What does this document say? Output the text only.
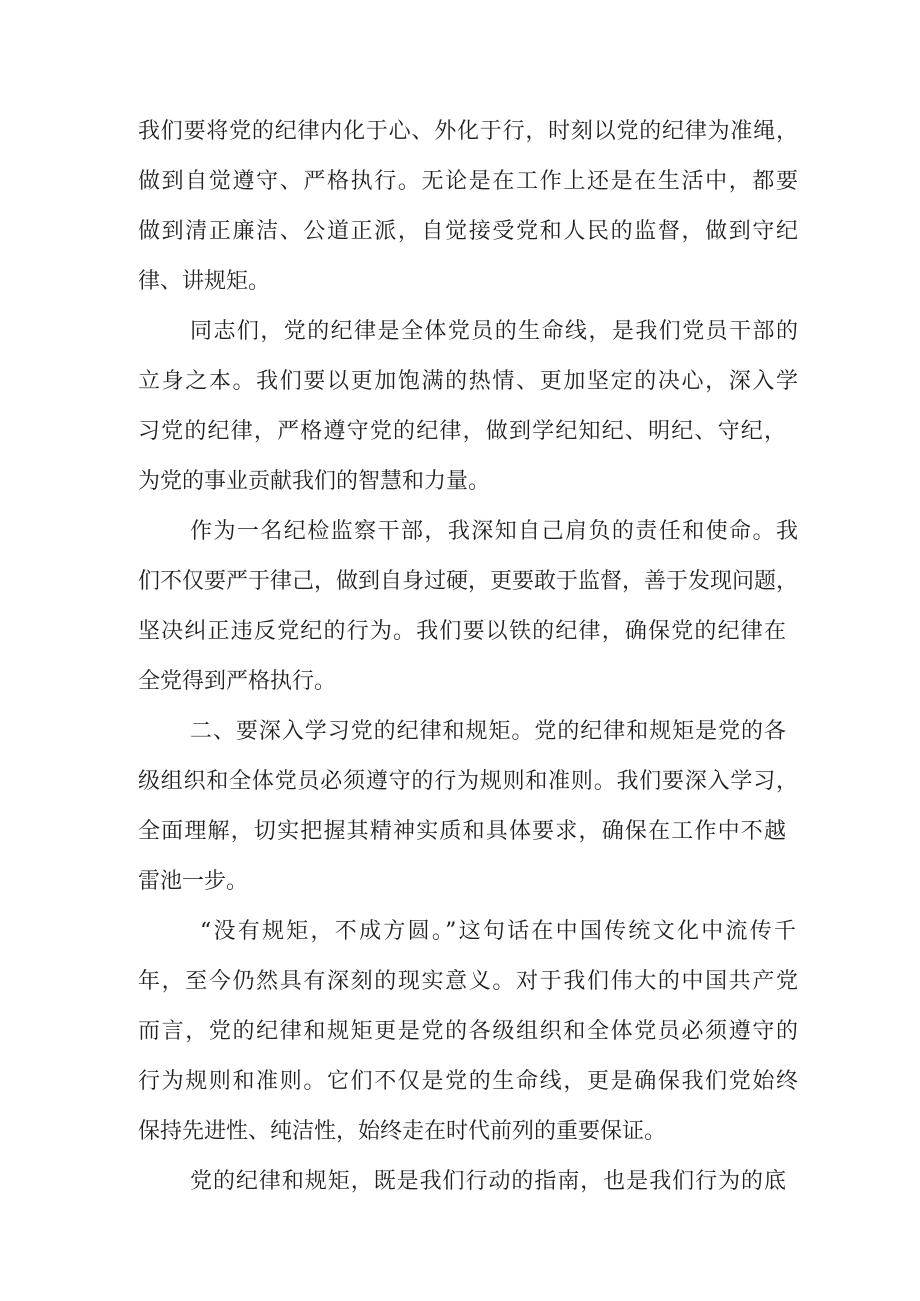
我们要将党的纪律内化于心、外化于行，时刻以党的纪律为准绳，

做到自觉遵守、严格执行。无论是在工作上还是在生活中，都要

做到清正廉洁、公道正派，自觉接受党和人民的监督，做到守纪

律、讲规矩。

同志们，党的纪律是全体党员的生命线，是我们党员干部的

立身之本。我们要以更加饱满的热情、更加坚定的决心，深入学

习党的纪律，严格遵守党的纪律，做到学纪知纪、明纪、守纪，

为党的事业贡献我们的智慧和力量。

作为一名纪检监察干部，我深知自己肩负的责任和使命。我

们不仅要严于律己，做到自身过硬，更要敢于监督，善于发现问题，

坚决纠正违反党纪的行为。我们要以铁的纪律，确保党的纪律在

全党得到严格执行。

二、要深入学习党的纪律和规矩。党的纪律和规矩是党的各

级组织和全体党员必须遵守的行为规则和准则。我们要深入学习，

全面理解，切实把握其精神实质和具体要求，确保在工作中不越

雷池一步。

“没有规矩，不成方圆。”这句话在中国传统文化中流传千

年，至今仍然具有深刻的现实意义。对于我们伟大的中国共产党

而言，党的纪律和规矩更是党的各级组织和全体党员必须遵守的

行为规则和准则。它们不仅是党的生命线，更是确保我们党始终

保持先进性、纯洁性，始终走在时代前列的重要保证。

党的纪律和规矩，既是我们行动的指南，也是我们行为的底
